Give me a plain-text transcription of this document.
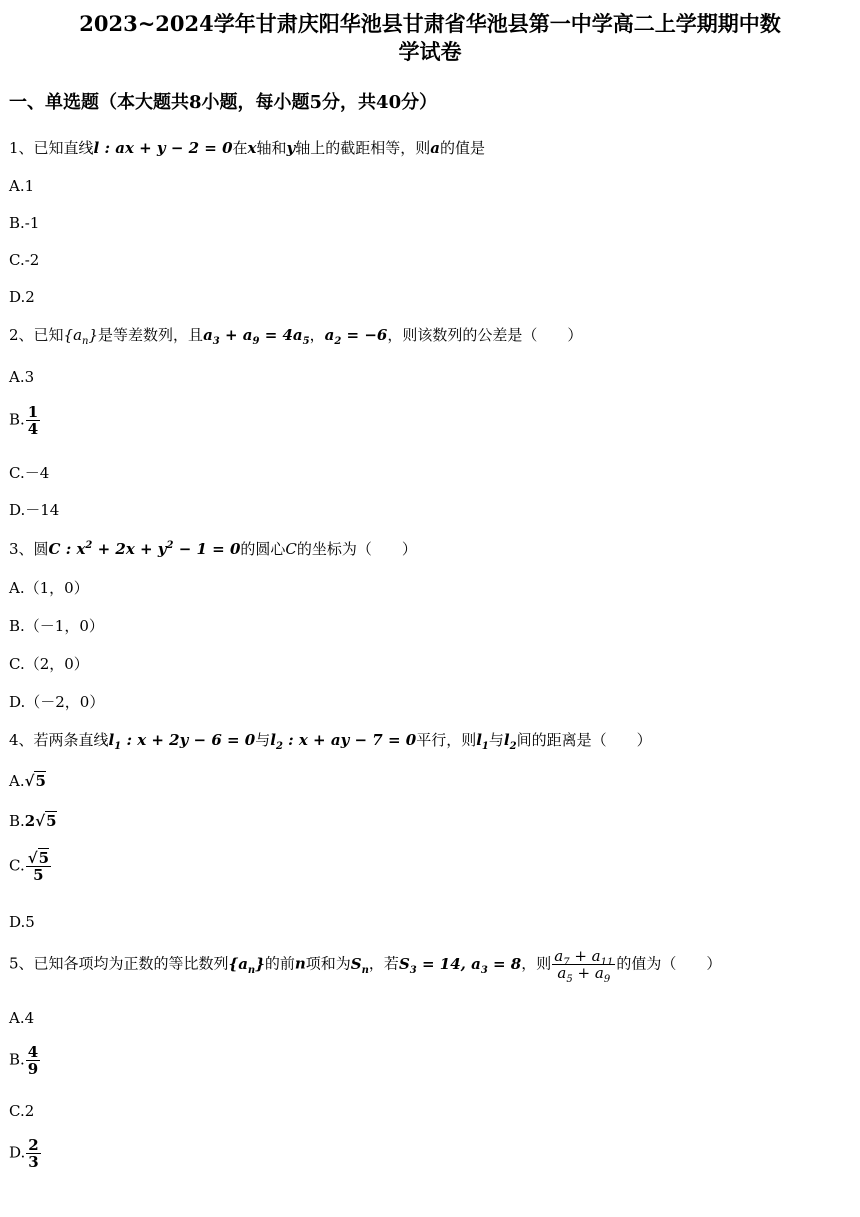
2023~2024学年甘肃庆阳华池县甘肃省华池县第一中学高二上学期期中数
学试卷
一、单选题（本大题共8小题，每小题5分，共40分）
1、已知直线l : ax + y − 2 = 0在x轴和y轴上的截距相等，则a的值是
A.1
B.-1
C.-2
D.2
2、已知$\{a_n\}$是等差数列，且$a_3 + a_9 = 4a_5$，$a_2 = -6$，则该数列的公差是（　　）
A.3
B. $\frac{1}{4}$
C.－4
D.－14
3、圆C : $x^2 + 2x + y^2 - 1 = 0$的圆心C的坐标为（　　）
A.（1，0）
B.（－1，0）
C.（2，0）
D.（－2，0）
4、若两条直线$l_1$ : x + 2y − 6 = 0与$l_2$ : x + ay − 7 = 0平行，则$l_1$与$l_2$间的距离是（　　）
A.√5
B.2√5
C. $\frac{√5}{5}$
D.5
5、已知各项均为正数的等比数列$\{a_n\}$的前n项和为$S_n$，若$S_3 = 14$, $a_3 = 8$，则 $\frac{a_7 + a_{11}}{a_5 + a_9}$ 的值为（　　）
A.4
B. $\frac{4}{9}$
C.2
D. $\frac{2}{3}$
